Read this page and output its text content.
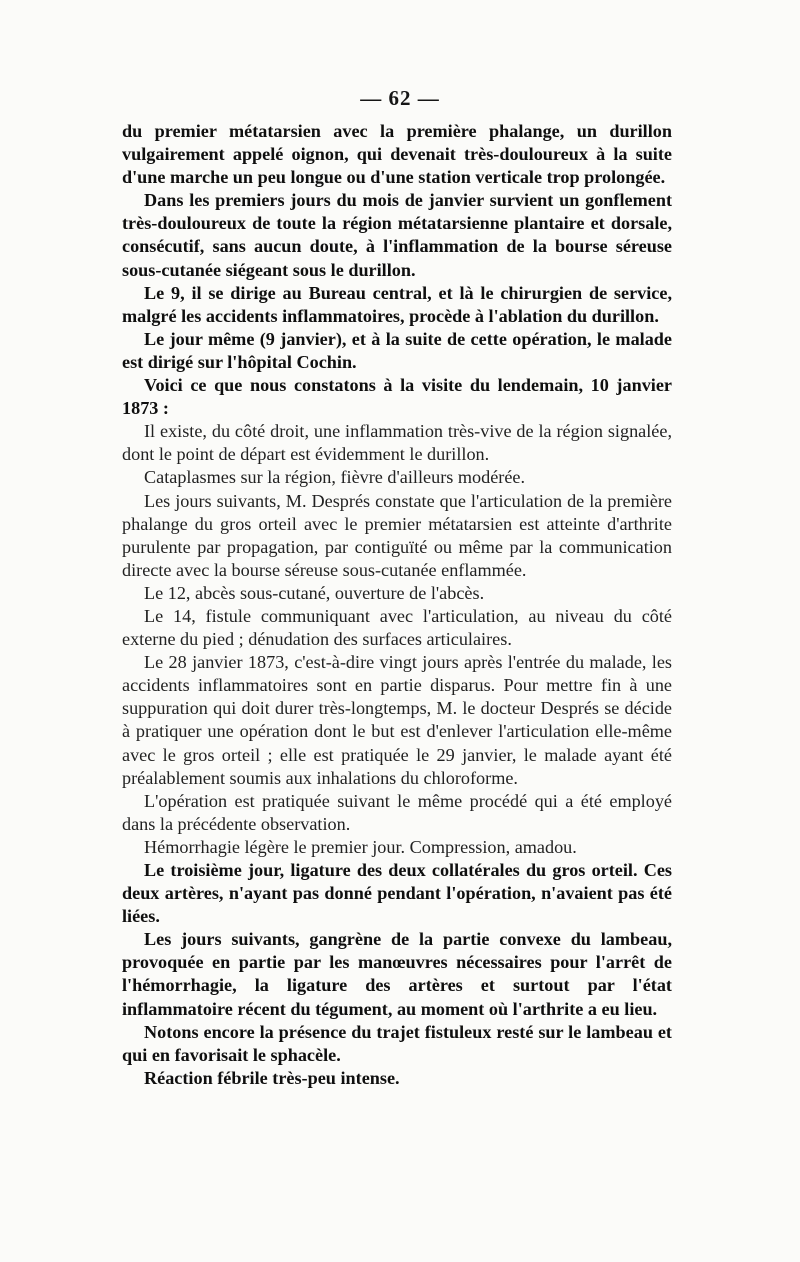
— 62 —

du premier métatarsien avec la première phalange, un durillon vulgairement appelé oignon, qui devenait très-douloureux à la suite d'une marche un peu longue ou d'une station verticale trop prolongée.

Dans les premiers jours du mois de janvier survient un gonflement très-douloureux de toute la région métatarsienne plantaire et dorsale, consécutif, sans aucun doute, à l'inflammation de la bourse séreuse sous-cutanée siégeant sous le durillon.

Le 9, il se dirige au Bureau central, et là le chirurgien de service, malgré les accidents inflammatoires, procède à l'ablation du durillon.

Le jour même (9 janvier), et à la suite de cette opération, le malade est dirigé sur l'hôpital Cochin.

Voici ce que nous constatons à la visite du lendemain, 10 janvier 1873 :

Il existe, du côté droit, une inflammation très-vive de la région signalée, dont le point de départ est évidemment le durillon.

Cataplasmes sur la région, fièvre d'ailleurs modérée.

Les jours suivants, M. Després constate que l'articulation de la première phalange du gros orteil avec le premier métatarsien est atteinte d'arthrite purulente par propagation, par contiguïté ou même par la communication directe avec la bourse séreuse sous-cutanée enflammée.

Le 12, abcès sous-cutané, ouverture de l'abcès.

Le 14, fistule communiquant avec l'articulation, au niveau du côté externe du pied ; dénudation des surfaces articulaires.

Le 28 janvier 1873, c'est-à-dire vingt jours après l'entrée du malade, les accidents inflammatoires sont en partie disparus. Pour mettre fin à une suppuration qui doit durer très-longtemps, M. le docteur Després se décide à pratiquer une opération dont le but est d'enlever l'articulation elle-même avec le gros orteil ; elle est pratiquée le 29 janvier, le malade ayant été préalablement soumis aux inhalations du chloroforme.

L'opération est pratiquée suivant le même procédé qui a été employé dans la précédente observation.

Hémorrhagie légère le premier jour. Compression, amadou.

Le troisième jour, ligature des deux collatérales du gros orteil. Ces deux artères, n'ayant pas donné pendant l'opération, n'avaient pas été liées.

Les jours suivants, gangrène de la partie convexe du lambeau, provoquée en partie par les manœuvres nécessaires pour l'arrêt de l'hémorrhagie, la ligature des artères et surtout par l'état inflammatoire récent du tégument, au moment où l'arthrite a eu lieu.

Notons encore la présence du trajet fistuleux resté sur le lambeau et qui en favorisait le sphacèle.

Réaction fébrile très-peu intense.
